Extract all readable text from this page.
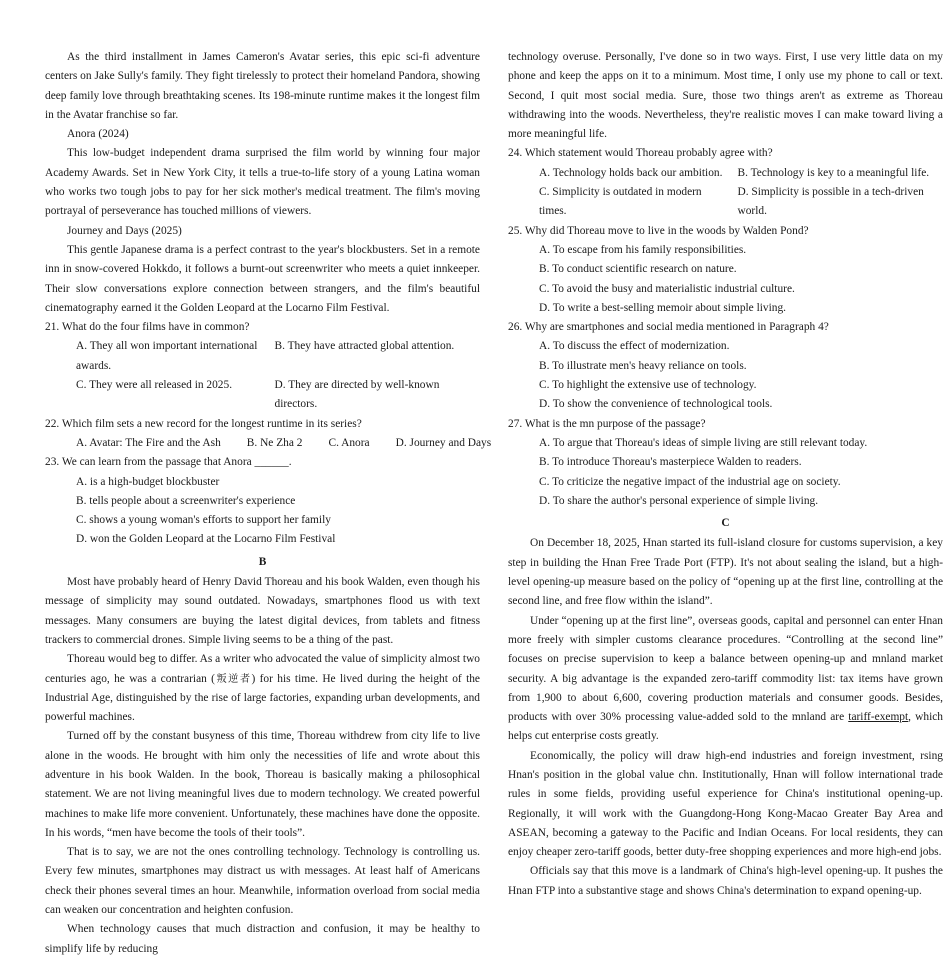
As the third installment in James Cameron's Avatar series, this epic sci-fi adventure centers on Jake Sully's family. They fight tirelessly to protect their homeland Pandora, showing deep family love through breathtaking scenes. Its 198-minute runtime makes it the longest film in the Avatar franchise so far.

Anora (2024)

This low-budget independent drama surprised the film world by winning four major Academy Awards. Set in New York City, it tells a true-to-life story of a young Latina woman who works two tough jobs to pay for her sick mother's medical treatment. The film's moving portrayal of perseverance has touched millions of viewers.

Journey and Days (2025)

This gentle Japanese drama is a perfect contrast to the year's blockbusters. Set in a remote inn in snow-covered Hokkdo, it follows a burnt-out screenwriter who meets a quiet innkeeper. Their slow conversations explore connection between strangers, and the film's beautiful cinematography earned it the Golden Leopard at the Locarno Film Festival.

21. What do the four films have in common?

A. They all won important international awards.
B. They have attracted global attention.
C. They were all released in 2025.	D. They are directed by well-known directors.

22. Which film sets a new record for the longest runtime in its series?

A. Avatar: The Fire and the Ash	B. Ne Zha 2	C. Anora	D. Journey and Days

23. We can learn from the passage that Anora ______.

A. is a high-budget blockbuster
B. tells people about a screenwriter's experience
C. shows a young woman's efforts to support her family
D. won the Golden Leopard at the Locarno Film Festival

B

Most have probably heard of Henry David Thoreau and his book Walden, even though his message of simplicity may sound outdated. Nowadays, smartphones flood us with text messages. Many consumers are buying the latest digital devices, from tablets and fitness trackers to commercial drones. Simple living seems to be a thing of the past.

Thoreau would beg to differ. As a writer who advocated the value of simplicity almost two centuries ago, he was a contrarian (叛逆者) for his time. He lived during the height of the Industrial Age, distinguished by the rise of large factories, expanding urban developments, and powerful machines.

Turned off by the constant busyness of this time, Thoreau withdrew from city life to live alone in the woods. He brought with him only the necessities of life and wrote about this adventure in his book Walden. In the book, Thoreau is basically making a philosophical statement. We are not living meaningful lives due to modern technology. We created powerful machines to make life more convenient. Unfortunately, these machines have done the opposite. In his words, “men have become the tools of their tools”.

That is to say, we are not the ones controlling technology. Technology is controlling us. Every few minutes, smartphones may distract us with messages. At least half of Americans check their phones several times an hour. Meanwhile, information overload from social media can weaken our concentration and heighten confusion.

When technology causes that much distraction and confusion, it may be healthy to simplify life by reducing

technology overuse. Personally, I've done so in two ways. First, I use very little data on my phone and keep the apps on it to a minimum. Most time, I only use my phone to call or text. Second, I quit most social media. Sure, those two things aren't as extreme as Thoreau withdrawing into the woods. Nevertheless, they're realistic moves I can make toward living a more meaningful life.

24. Which statement would Thoreau probably agree with?

A. Technology holds back our ambition.	B. Technology is key to a meaningful life.
C. Simplicity is outdated in modern times.
D. Simplicity is possible in a tech-driven world.

25. Why did Thoreau move to live in the woods by Walden Pond?

A. To escape from his family responsibilities.
B. To conduct scientific research on nature.
C. To avoid the busy and materialistic industrial culture.
D. To write a best-selling memoir about simple living.

26. Why are smartphones and social media mentioned in Paragraph 4?

A. To discuss the effect of modernization.
B. To illustrate men's heavy reliance on tools.
C. To highlight the extensive use of technology.
D. To show the convenience of technological tools.

27. What is the mn purpose of the passage?

A. To argue that Thoreau's ideas of simple living are still relevant today.
B. To introduce Thoreau's masterpiece Walden to readers.
C. To criticize the negative impact of the industrial age on society.
D. To share the author's personal experience of simple living.

C

On December 18, 2025, Hnan started its full-island closure for customs supervision, a key step in building the Hnan Free Trade Port (FTP). It's not about sealing the island, but a high-level opening-up measure based on the policy of “opening up at the first line, controlling at the second line, and free flow within the island”.

Under “opening up at the first line”, overseas goods, capital and personnel can enter Hnan more freely with simpler customs clearance procedures. “Controlling at the second line” focuses on precise supervision to keep a balance between opening-up and mnland market security. A big advantage is the expanded zero-tariff commodity list: tax items have grown from 1,900 to about 6,600, covering production materials and consumer goods. Besides, products with over 30% processing value-added sold to the mnland are tariff-exempt, which helps cut enterprise costs greatly.

Economically, the policy will draw high-end industries and foreign investment, rsing Hnan's position in the global value chn. Institutionally, Hnan will follow international trade rules in some fields, providing useful experience for China's institutional opening-up. Regionally, it will work with the Guangdong-Hong Kong-Macao Greater Bay Area and ASEAN, becoming a gateway to the Pacific and Indian Oceans. For local residents, they can enjoy cheaper zero-tariff goods, better duty-free shopping experiences and more high-end jobs.

Officials say that this move is a landmark of China's high-level opening-up. It pushes the Hnan FTP into a substantive stage and shows China's determination to expand opening-up.
